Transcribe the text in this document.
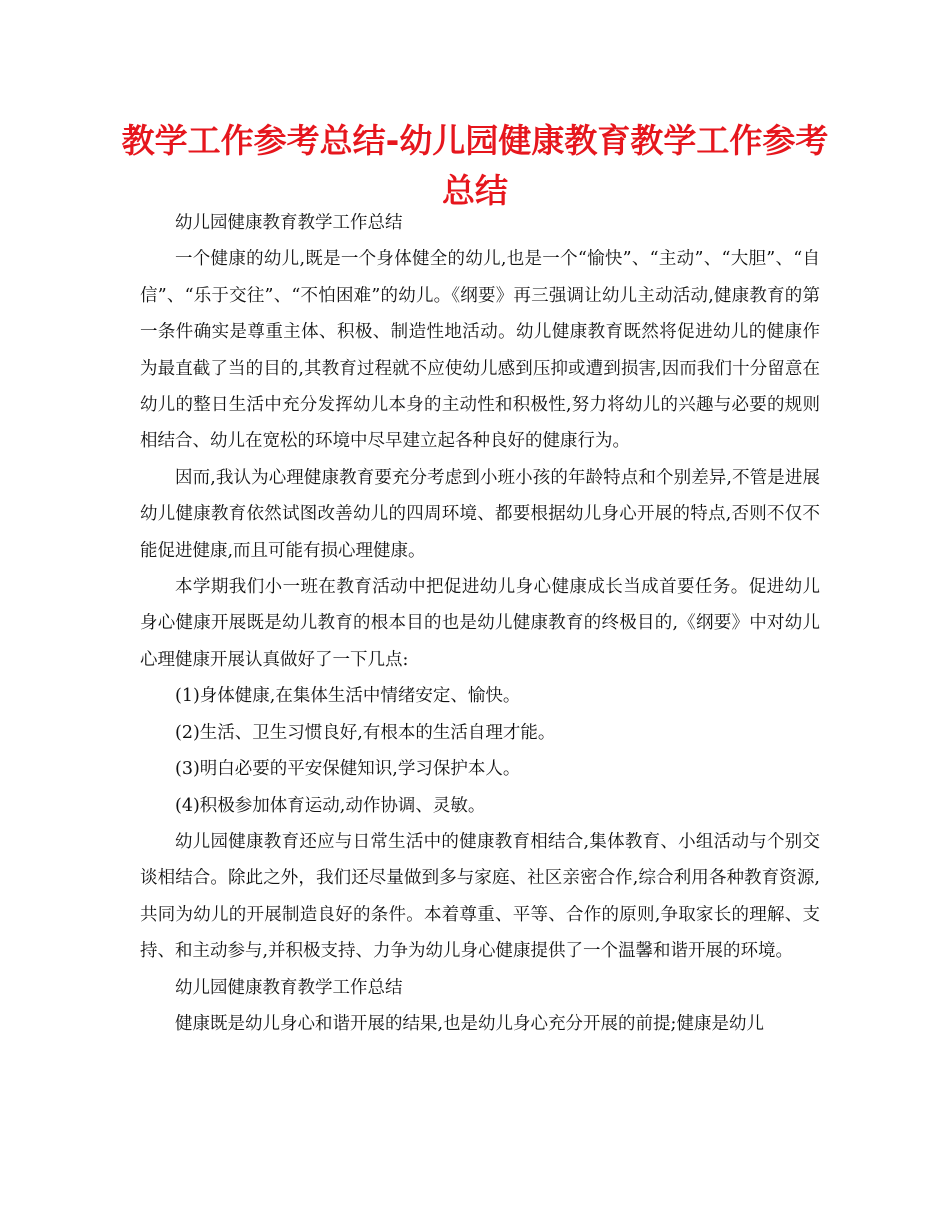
教学工作参考总结-幼儿园健康教育教学工作参考总结

幼儿园健康教育教学工作总结

一个健康的幼儿,既是一个身体健全的幼儿,也是一个“愉快”、“主动”、“大胆”、“自信”、“乐于交往”、“不怕困难”的幼儿。《纲要》再三强调让幼儿主动活动,健康教育的第一条件确实是尊重主体、积极、制造性地活动。幼儿健康教育既然将促进幼儿的健康作为最直截了当的目的,其教育过程就不应使幼儿感到压抑或遭到损害,因而我们十分留意在幼儿的整日生活中充分发挥幼儿本身的主动性和积极性,努力将幼儿的兴趣与必要的规则相结合、幼儿在宽松的环境中尽早建立起各种良好的健康行为。

因而,我认为心理健康教育要充分考虑到小班小孩的年龄特点和个别差异,不管是进展幼儿健康教育依然试图改善幼儿的四周环境、都要根据幼儿身心开展的特点,否则不仅不能促进健康,而且可能有损心理健康。

本学期我们小一班在教育活动中把促进幼儿身心健康成长当成首要任务。促进幼儿身心健康开展既是幼儿教育的根本目的也是幼儿健康教育的终极目的,《纲要》中对幼儿心理健康开展认真做好了一下几点:

(1)身体健康,在集体生活中情绪安定、愉快。

(2)生活、卫生习惯良好,有根本的生活自理才能。

(3)明白必要的平安保健知识,学习保护本人。

(4)积极参加体育运动,动作协调、灵敏。

幼儿园健康教育还应与日常生活中的健康教育相结合,集体教育、小组活动与个别交谈相结合。除此之外，我们还尽量做到多与家庭、社区亲密合作,综合利用各种教育资源,共同为幼儿的开展制造良好的条件。本着尊重、平等、合作的原则,争取家长的理解、支持、和主动参与,并积极支持、力争为幼儿身心健康提供了一个温馨和谐开展的环境。

幼儿园健康教育教学工作总结

健康既是幼儿身心和谐开展的结果,也是幼儿身心充分开展的前提;健康是幼儿
